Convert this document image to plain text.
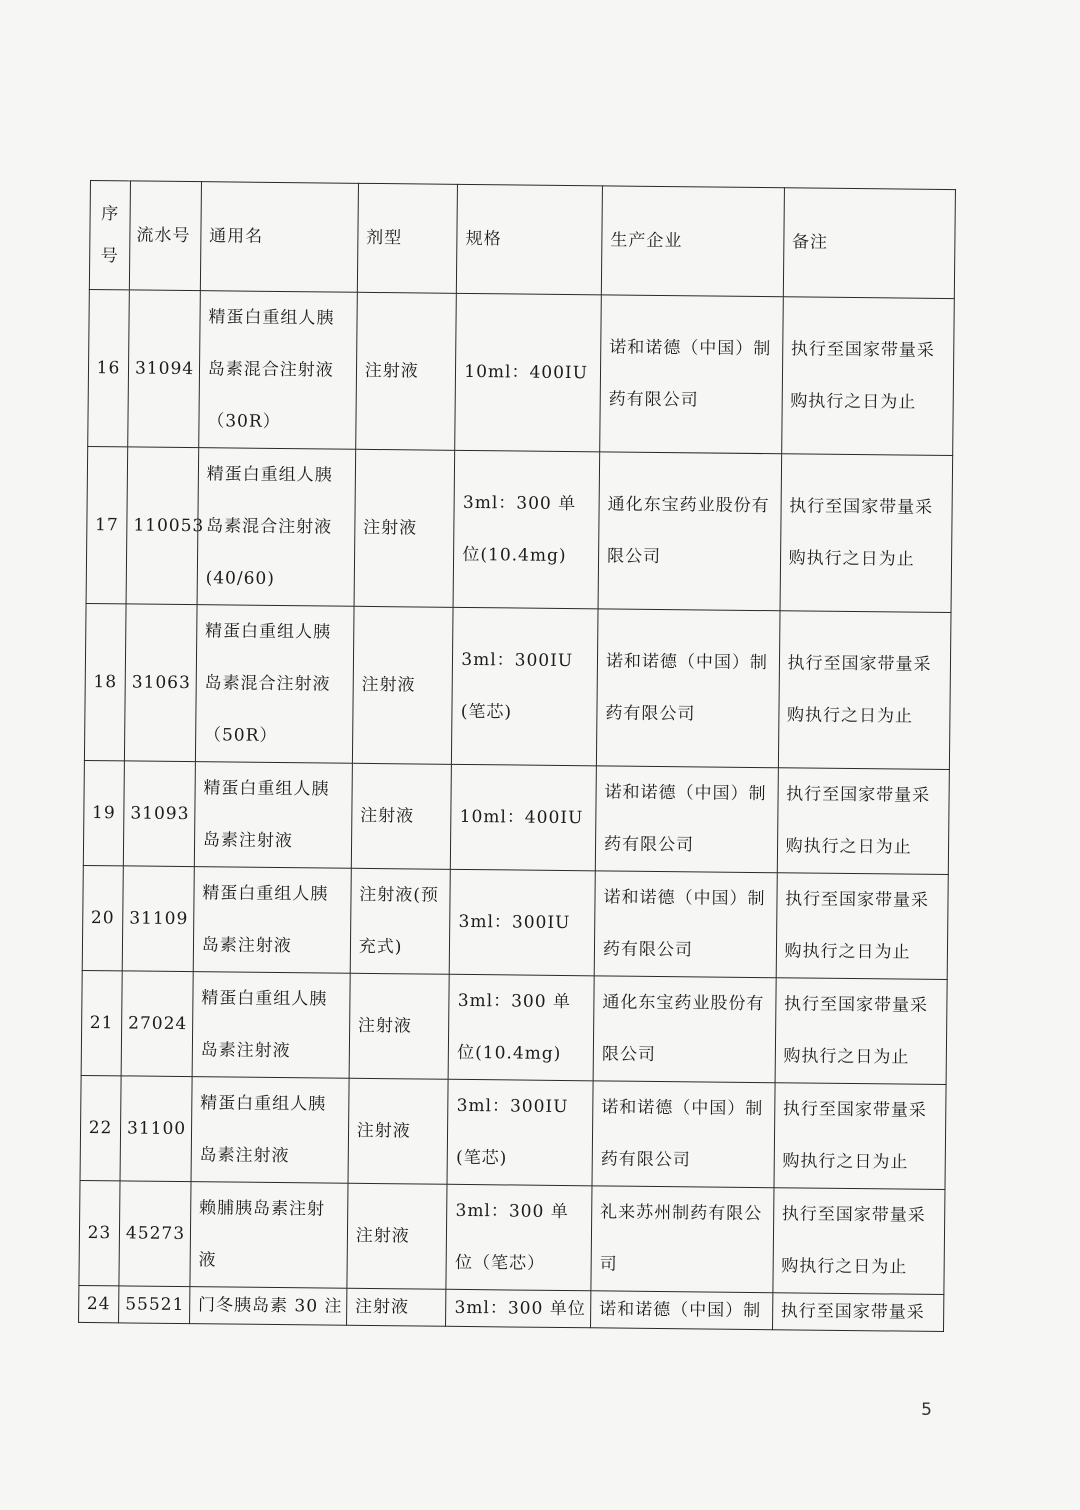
序号	流水号	通用名	剂型	规格	生产企业	备注
16	31094	精蛋白重组人胰岛素混合注射液（30R）	注射液	10ml：400IU	诺和诺德（中国）制药有限公司	执行至国家带量采购执行之日为止
17	110053	精蛋白重组人胰岛素混合注射液(40/60)	注射液	3ml：300 单位(10.4mg)	通化东宝药业股份有限公司	执行至国家带量采购执行之日为止
18	31063	精蛋白重组人胰岛素混合注射液（50R）	注射液	3ml：300IU(笔芯)	诺和诺德（中国）制药有限公司	执行至国家带量采购执行之日为止
19	31093	精蛋白重组人胰岛素注射液	注射液	10ml：400IU	诺和诺德（中国）制药有限公司	执行至国家带量采购执行之日为止
20	31109	精蛋白重组人胰岛素注射液	注射液(预充式)	3ml：300IU	诺和诺德（中国）制药有限公司	执行至国家带量采购执行之日为止
21	27024	精蛋白重组人胰岛素注射液	注射液	3ml：300 单位(10.4mg)	通化东宝药业股份有限公司	执行至国家带量采购执行之日为止
22	31100	精蛋白重组人胰岛素注射液	注射液	3ml：300IU(笔芯)	诺和诺德（中国）制药有限公司	执行至国家带量采购执行之日为止
23	45273	赖脯胰岛素注射液	注射液	3ml：300 单位（笔芯）	礼来苏州制药有限公司	执行至国家带量采购执行之日为止
24	55521	门冬胰岛素 30 注	注射液	3ml：300 单位	诺和诺德（中国）制	执行至国家带量采
5
